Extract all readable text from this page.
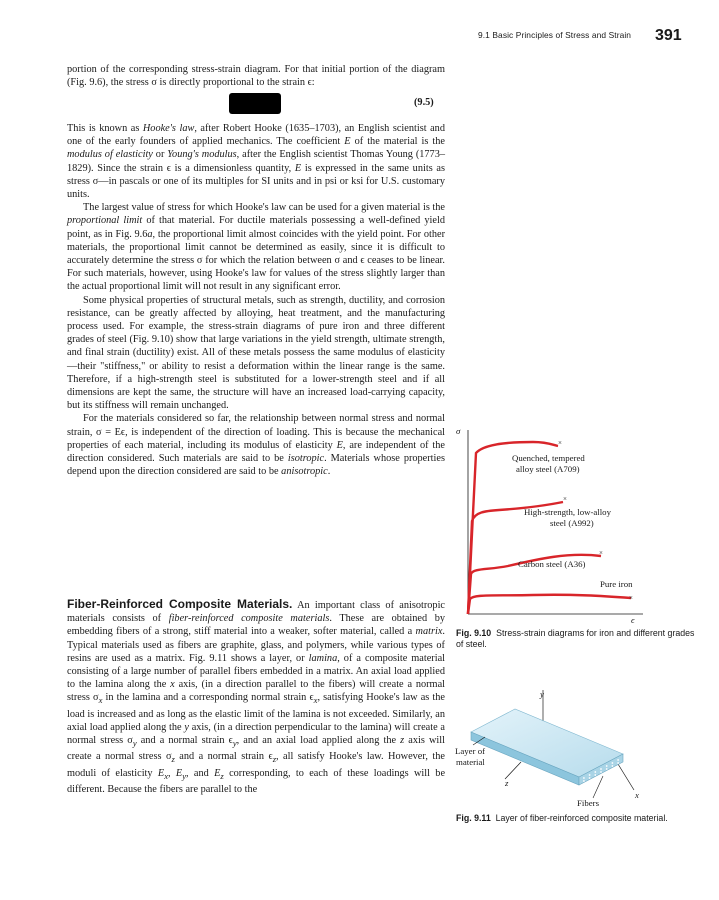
9.1 Basic Principles of Stress and Strain 391

portion of the corresponding stress-strain diagram. For that initial portion of the diagram (Fig. 9.6), the stress σ is directly proportional to the strain ϵ:

(9.5)

This is known as Hooke's law, after Robert Hooke (1635–1703), an English scientist and one of the early founders of applied mechanics. The coefficient E of the material is the modulus of elasticity or Young's modulus, after the English scientist Thomas Young (1773–1829). Since the strain ϵ is a dimensionless quantity, E is expressed in the same units as stress σ—in pascals or one of its multiples for SI units and in psi or ksi for U.S. customary units.

The largest value of stress for which Hooke's law can be used for a given material is the proportional limit of that material. For ductile materials possessing a well-defined yield point, as in Fig. 9.6a, the proportional limit almost coincides with the yield point. For other materials, the proportional limit cannot be determined as easily, since it is difficult to accurately determine the stress σ for which the relation between σ and ϵ ceases to be linear. For such materials, however, using Hooke's law for values of the stress slightly larger than the actual proportional limit will not result in any significant error.

Some physical properties of structural metals, such as strength, ductility, and corrosion resistance, can be greatly affected by alloying, heat treatment, and the manufacturing process used. For example, the stress-strain diagrams of pure iron and three different grades of steel (Fig. 9.10) show that large variations in the yield strength, ultimate strength, and final strain (ductility) exist. All of these metals possess the same modulus of elasticity—their "stiffness," or ability to resist a deformation within the linear range is the same. Therefore, if a high-strength steel is substituted for a lower-strength steel and if all dimensions are kept the same, the structure will have an increased load-carrying capacity, but its stiffness will remain unchanged.

For the materials considered so far, the relationship between normal stress and normal strain, σ = Eϵ, is independent of the direction of loading. This is because the mechanical properties of each material, including its modulus of elasticity E, are independent of the direction considered. Such materials are said to be isotropic. Materials whose properties depend upon the direction considered are said to be anisotropic.

Fiber-Reinforced Composite Materials. An important class of anisotropic materials consists of fiber-reinforced composite materials. These are obtained by embedding fibers of a strong, stiff material into a weaker, softer material, called a matrix. Typical materials used as fibers are graphite, glass, and polymers, while various types of resins are used as a matrix. Fig. 9.11 shows a layer, or lamina, of a composite material consisting of a large number of parallel fibers embedded in a matrix. An axial load applied to the lamina along the x axis, (in a direction parallel to the fibers) will create a normal stress $\sigma_x$ in the lamina and a corresponding normal strain $\epsilon_x$, satisfying Hooke's law as the load is increased and as long as the elastic limit of the lamina is not exceeded. Similarly, an axial load applied along the y axis, (in a direction perpendicular to the lamina) will create a normal stress $\sigma_y$ and a normal strain $\epsilon_y$, and an axial load applied along the z axis will create a normal stress $\sigma_z$ and a normal strain $\epsilon_z$, all satisfy Hooke's law. However, the moduli of elasticity $E_x$, $E_y$, and $E_z$ corresponding, to each of these loadings will be different. Because the fibers are parallel to the

σ
ϵ
×
×
×
×
Quenched, tempered
alloy steel (A709)
High-strength, low-alloy
steel (A992)
Carbon steel (A36)
Pure iron
Fig. 9.10 Stress-strain diagrams for iron and different grades of steel.
y
z
x
Layer of
material
Fibers
Fig. 9.11 Layer of fiber-reinforced composite material.
